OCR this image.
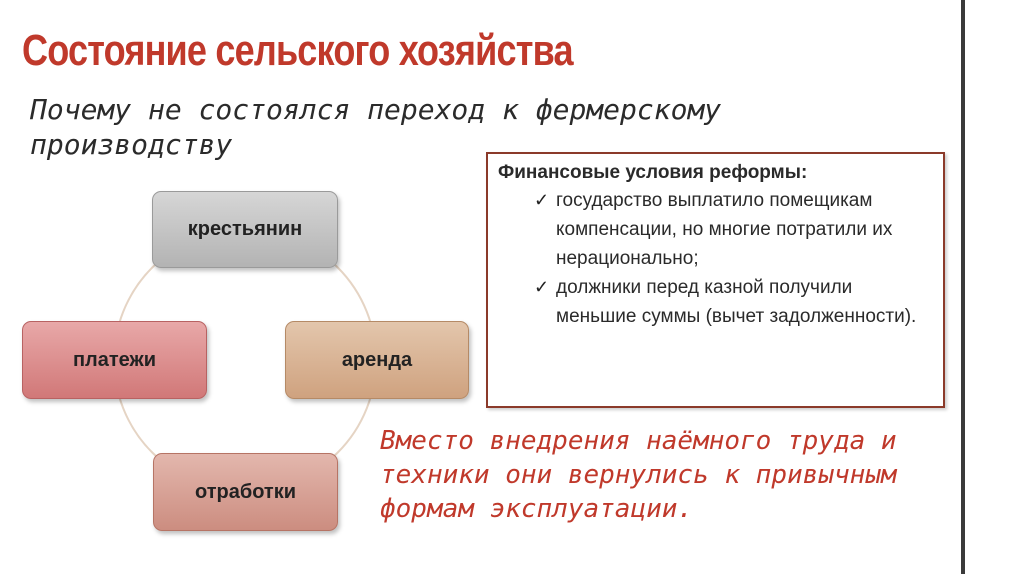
Состояние сельского хозяйства

Почему не состоялся переход к фермерскому производству

крестьянин
аренда
отработки
платежи

Финансовые условия реформы:

✓ государство выплатило помещикам компенсации, но многие потратили их нерационально;
✓ должники перед казной получили меньшие суммы (вычет задолженности).

Вместо внедрения наёмного труда и техники они вернулись к привычным формам эксплуатации.
